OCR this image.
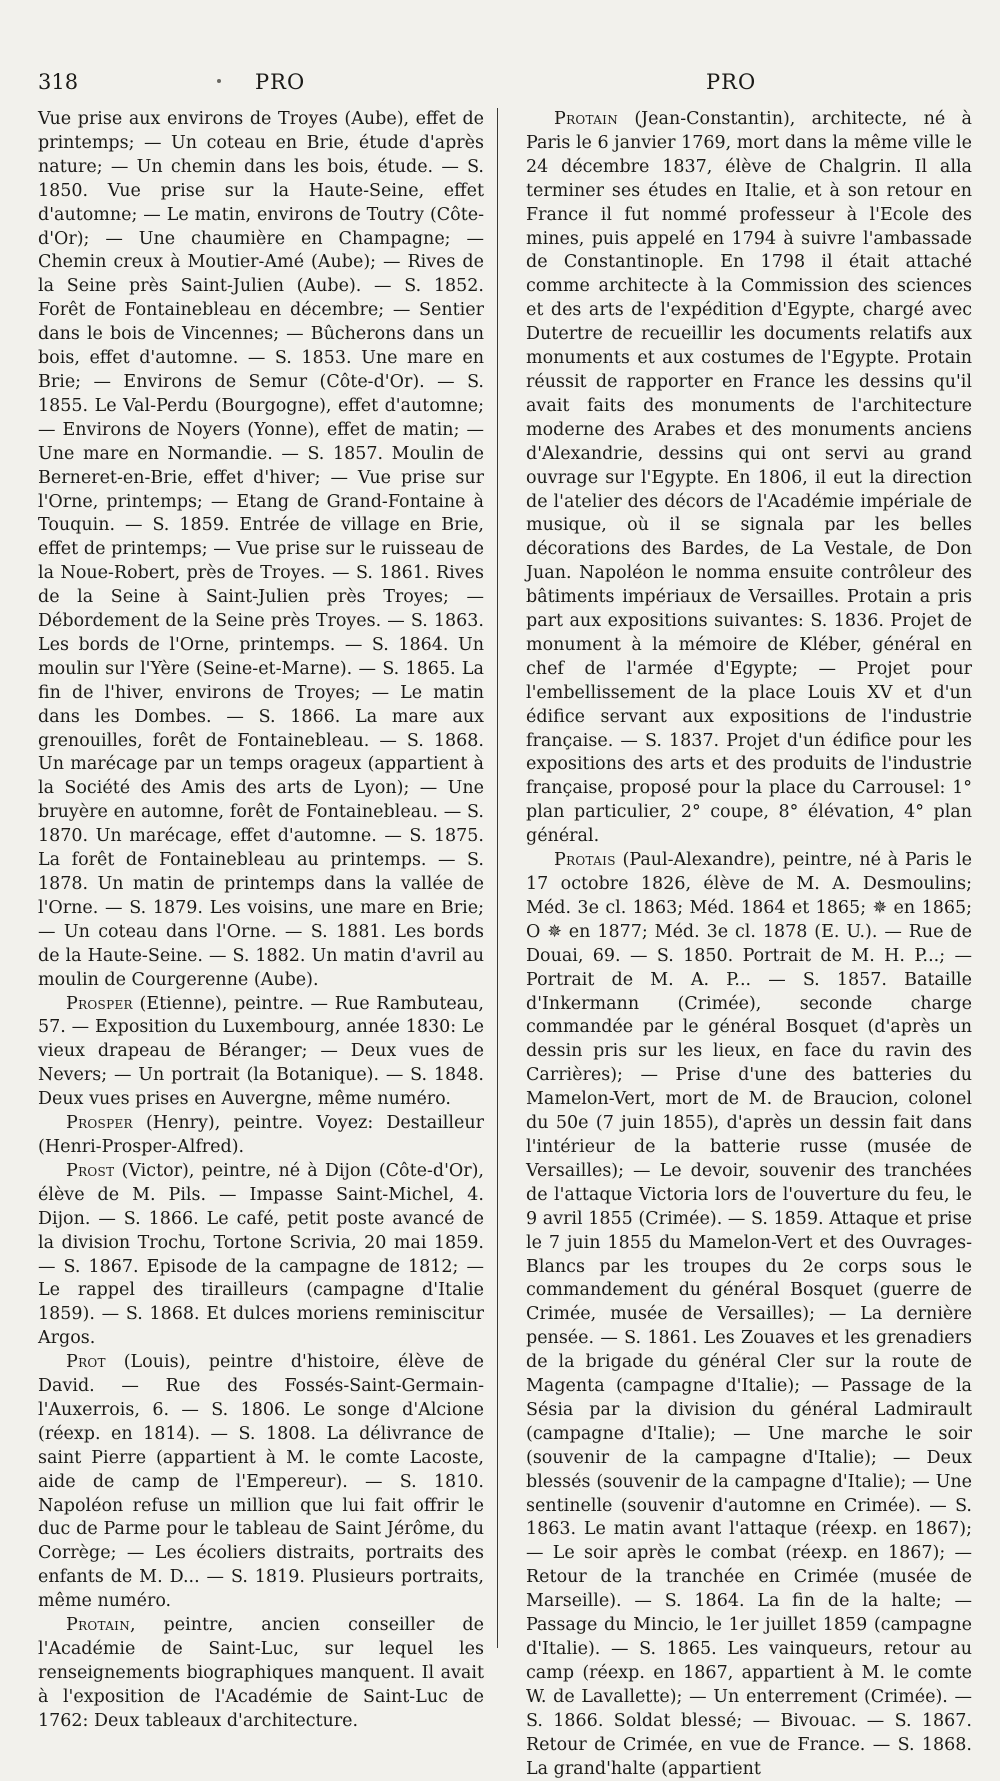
318	PRO	PRO

Vue prise aux environs de Troyes (Aube), effet de printemps; — Un coteau en Brie, étude d'après nature; — Un chemin dans les bois, étude. — S. 1850. Vue prise sur la Haute-Seine, effet d'automne; — Le matin, environs de Toutry (Côte-d'Or); — Une chaumière en Champagne; — Chemin creux à Moutier-Amé (Aube); — Rives de la Seine près Saint-Julien (Aube). — S. 1852. Forêt de Fontainebleau en décembre; — Sentier dans le bois de Vincennes; — Bûcherons dans un bois, effet d'automne. — S. 1853. Une mare en Brie; — Environs de Semur (Côte-d'Or). — S. 1855. Le Val-Perdu (Bourgogne), effet d'automne; — Environs de Noyers (Yonne), effet de matin; — Une mare en Normandie. — S. 1857. Moulin de Berneret-en-Brie, effet d'hiver; — Vue prise sur l'Orne, printemps; — Etang de Grand-Fontaine à Touquin. — S. 1859. Entrée de village en Brie, effet de printemps; — Vue prise sur le ruisseau de la Noue-Robert, près de Troyes. — S. 1861. Rives de la Seine à Saint-Julien près Troyes; — Débordement de la Seine près Troyes. — S. 1863. Les bords de l'Orne, printemps. — S. 1864. Un moulin sur l'Yère (Seine-et-Marne). — S. 1865. La fin de l'hiver, environs de Troyes; — Le matin dans les Dombes. — S. 1866. La mare aux grenouilles, forêt de Fontainebleau. — S. 1868. Un marécage par un temps orageux (appartient à la Société des Amis des arts de Lyon); — Une bruyère en automne, forêt de Fontainebleau. — S. 1870. Un marécage, effet d'automne. — S. 1875. La forêt de Fontainebleau au printemps. — S. 1878. Un matin de printemps dans la vallée de l'Orne. — S. 1879. Les voisins, une mare en Brie; — Un coteau dans l'Orne. — S. 1881. Les bords de la Haute-Seine. — S. 1882. Un matin d'avril au moulin de Courgerenne (Aube).

Prosper (Etienne), peintre. — Rue Rambuteau, 57. — Exposition du Luxembourg, année 1830: Le vieux drapeau de Béranger; — Deux vues de Nevers; — Un portrait (la Botanique). — S. 1848. Deux vues prises en Auvergne, même numéro.

Prosper (Henry), peintre. Voyez: Destailleur (Henri-Prosper-Alfred).

Prost (Victor), peintre, né à Dijon (Côte-d'Or), élève de M. Pils. — Impasse Saint-Michel, 4. Dijon. — S. 1866. Le café, petit poste avancé de la division Trochu, Tortone Scrivia, 20 mai 1859. — S. 1867. Episode de la campagne de 1812; — Le rappel des tirailleurs (campagne d'Italie 1859). — S. 1868. Et dulces moriens reminiscitur Argos.

Prot (Louis), peintre d'histoire, élève de David. — Rue des Fossés-Saint-Germain-l'Auxerrois, 6. — S. 1806. Le songe d'Alcione (réexp. en 1814). — S. 1808. La délivrance de saint Pierre (appartient à M. le comte Lacoste, aide de camp de l'Empereur). — S. 1810. Napoléon refuse un million que lui fait offrir le duc de Parme pour le tableau de Saint Jérôme, du Corrège; — Les écoliers distraits, portraits des enfants de M. D... — S. 1819. Plusieurs portraits, même numéro.

Protain, peintre, ancien conseiller de l'Académie de Saint-Luc, sur lequel les renseignements biographiques manquent. Il avait à l'exposition de l'Académie de Saint-Luc de 1762: Deux tableaux d'architecture.

Protain (Jean-Constantin), architecte, né à Paris le 6 janvier 1769, mort dans la même ville le 24 décembre 1837, élève de Chalgrin. Il alla terminer ses études en Italie, et à son retour en France il fut nommé professeur à l'Ecole des mines, puis appelé en 1794 à suivre l'ambassade de Constantinople. En 1798 il était attaché comme architecte à la Commission des sciences et des arts de l'expédition d'Egypte, chargé avec Dutertre de recueillir les documents relatifs aux monuments et aux costumes de l'Egypte. Protain réussit de rapporter en France les dessins qu'il avait faits des monuments de l'architecture moderne des Arabes et des monuments anciens d'Alexandrie, dessins qui ont servi au grand ouvrage sur l'Egypte. En 1806, il eut la direction de l'atelier des décors de l'Académie impériale de musique, où il se signala par les belles décorations des Bardes, de La Vestale, de Don Juan. Napoléon le nomma ensuite contrôleur des bâtiments impériaux de Versailles. Protain a pris part aux expositions suivantes: S. 1836. Projet de monument à la mémoire de Kléber, général en chef de l'armée d'Egypte; — Projet pour l'embellissement de la place Louis XV et d'un édifice servant aux expositions de l'industrie française. — S. 1837. Projet d'un édifice pour les expositions des arts et des produits de l'industrie française, proposé pour la place du Carrousel: 1° plan particulier, 2° coupe, 8° élévation, 4° plan général.

Protais (Paul-Alexandre), peintre, né à Paris le 17 octobre 1826, élève de M. A. Desmoulins; Méd. 3e cl. 1863; Méd. 1864 et 1865; ✵ en 1865; O ✵ en 1877; Méd. 3e cl. 1878 (E. U.). — Rue de Douai, 69. — S. 1850. Portrait de M. H. P...; — Portrait de M. A. P... — S. 1857. Bataille d'Inkermann (Crimée), seconde charge commandée par le général Bosquet (d'après un dessin pris sur les lieux, en face du ravin des Carrières); — Prise d'une des batteries du Mamelon-Vert, mort de M. de Braucion, colonel du 50e (7 juin 1855), d'après un dessin fait dans l'intérieur de la batterie russe (musée de Versailles); — Le devoir, souvenir des tranchées de l'attaque Victoria lors de l'ouverture du feu, le 9 avril 1855 (Crimée). — S. 1859. Attaque et prise le 7 juin 1855 du Mamelon-Vert et des Ouvrages-Blancs par les troupes du 2e corps sous le commandement du général Bosquet (guerre de Crimée, musée de Versailles); — La dernière pensée. — S. 1861. Les Zouaves et les grenadiers de la brigade du général Cler sur la route de Magenta (campagne d'Italie); — Passage de la Sésia par la division du général Ladmirault (campagne d'Italie); — Une marche le soir (souvenir de la campagne d'Italie); — Deux blessés (souvenir de la campagne d'Italie); — Une sentinelle (souvenir d'automne en Crimée). — S. 1863. Le matin avant l'attaque (réexp. en 1867); — Le soir après le combat (réexp. en 1867); — Retour de la tranchée en Crimée (musée de Marseille). — S. 1864. La fin de la halte; — Passage du Mincio, le 1er juillet 1859 (campagne d'Italie). — S. 1865. Les vainqueurs, retour au camp (réexp. en 1867, appartient à M. le comte W. de Lavallette); — Un enterrement (Crimée). — S. 1866. Soldat blessé; — Bivouac. — S. 1867. Retour de Crimée, en vue de France. — S. 1868. La grand'halte (appartient
